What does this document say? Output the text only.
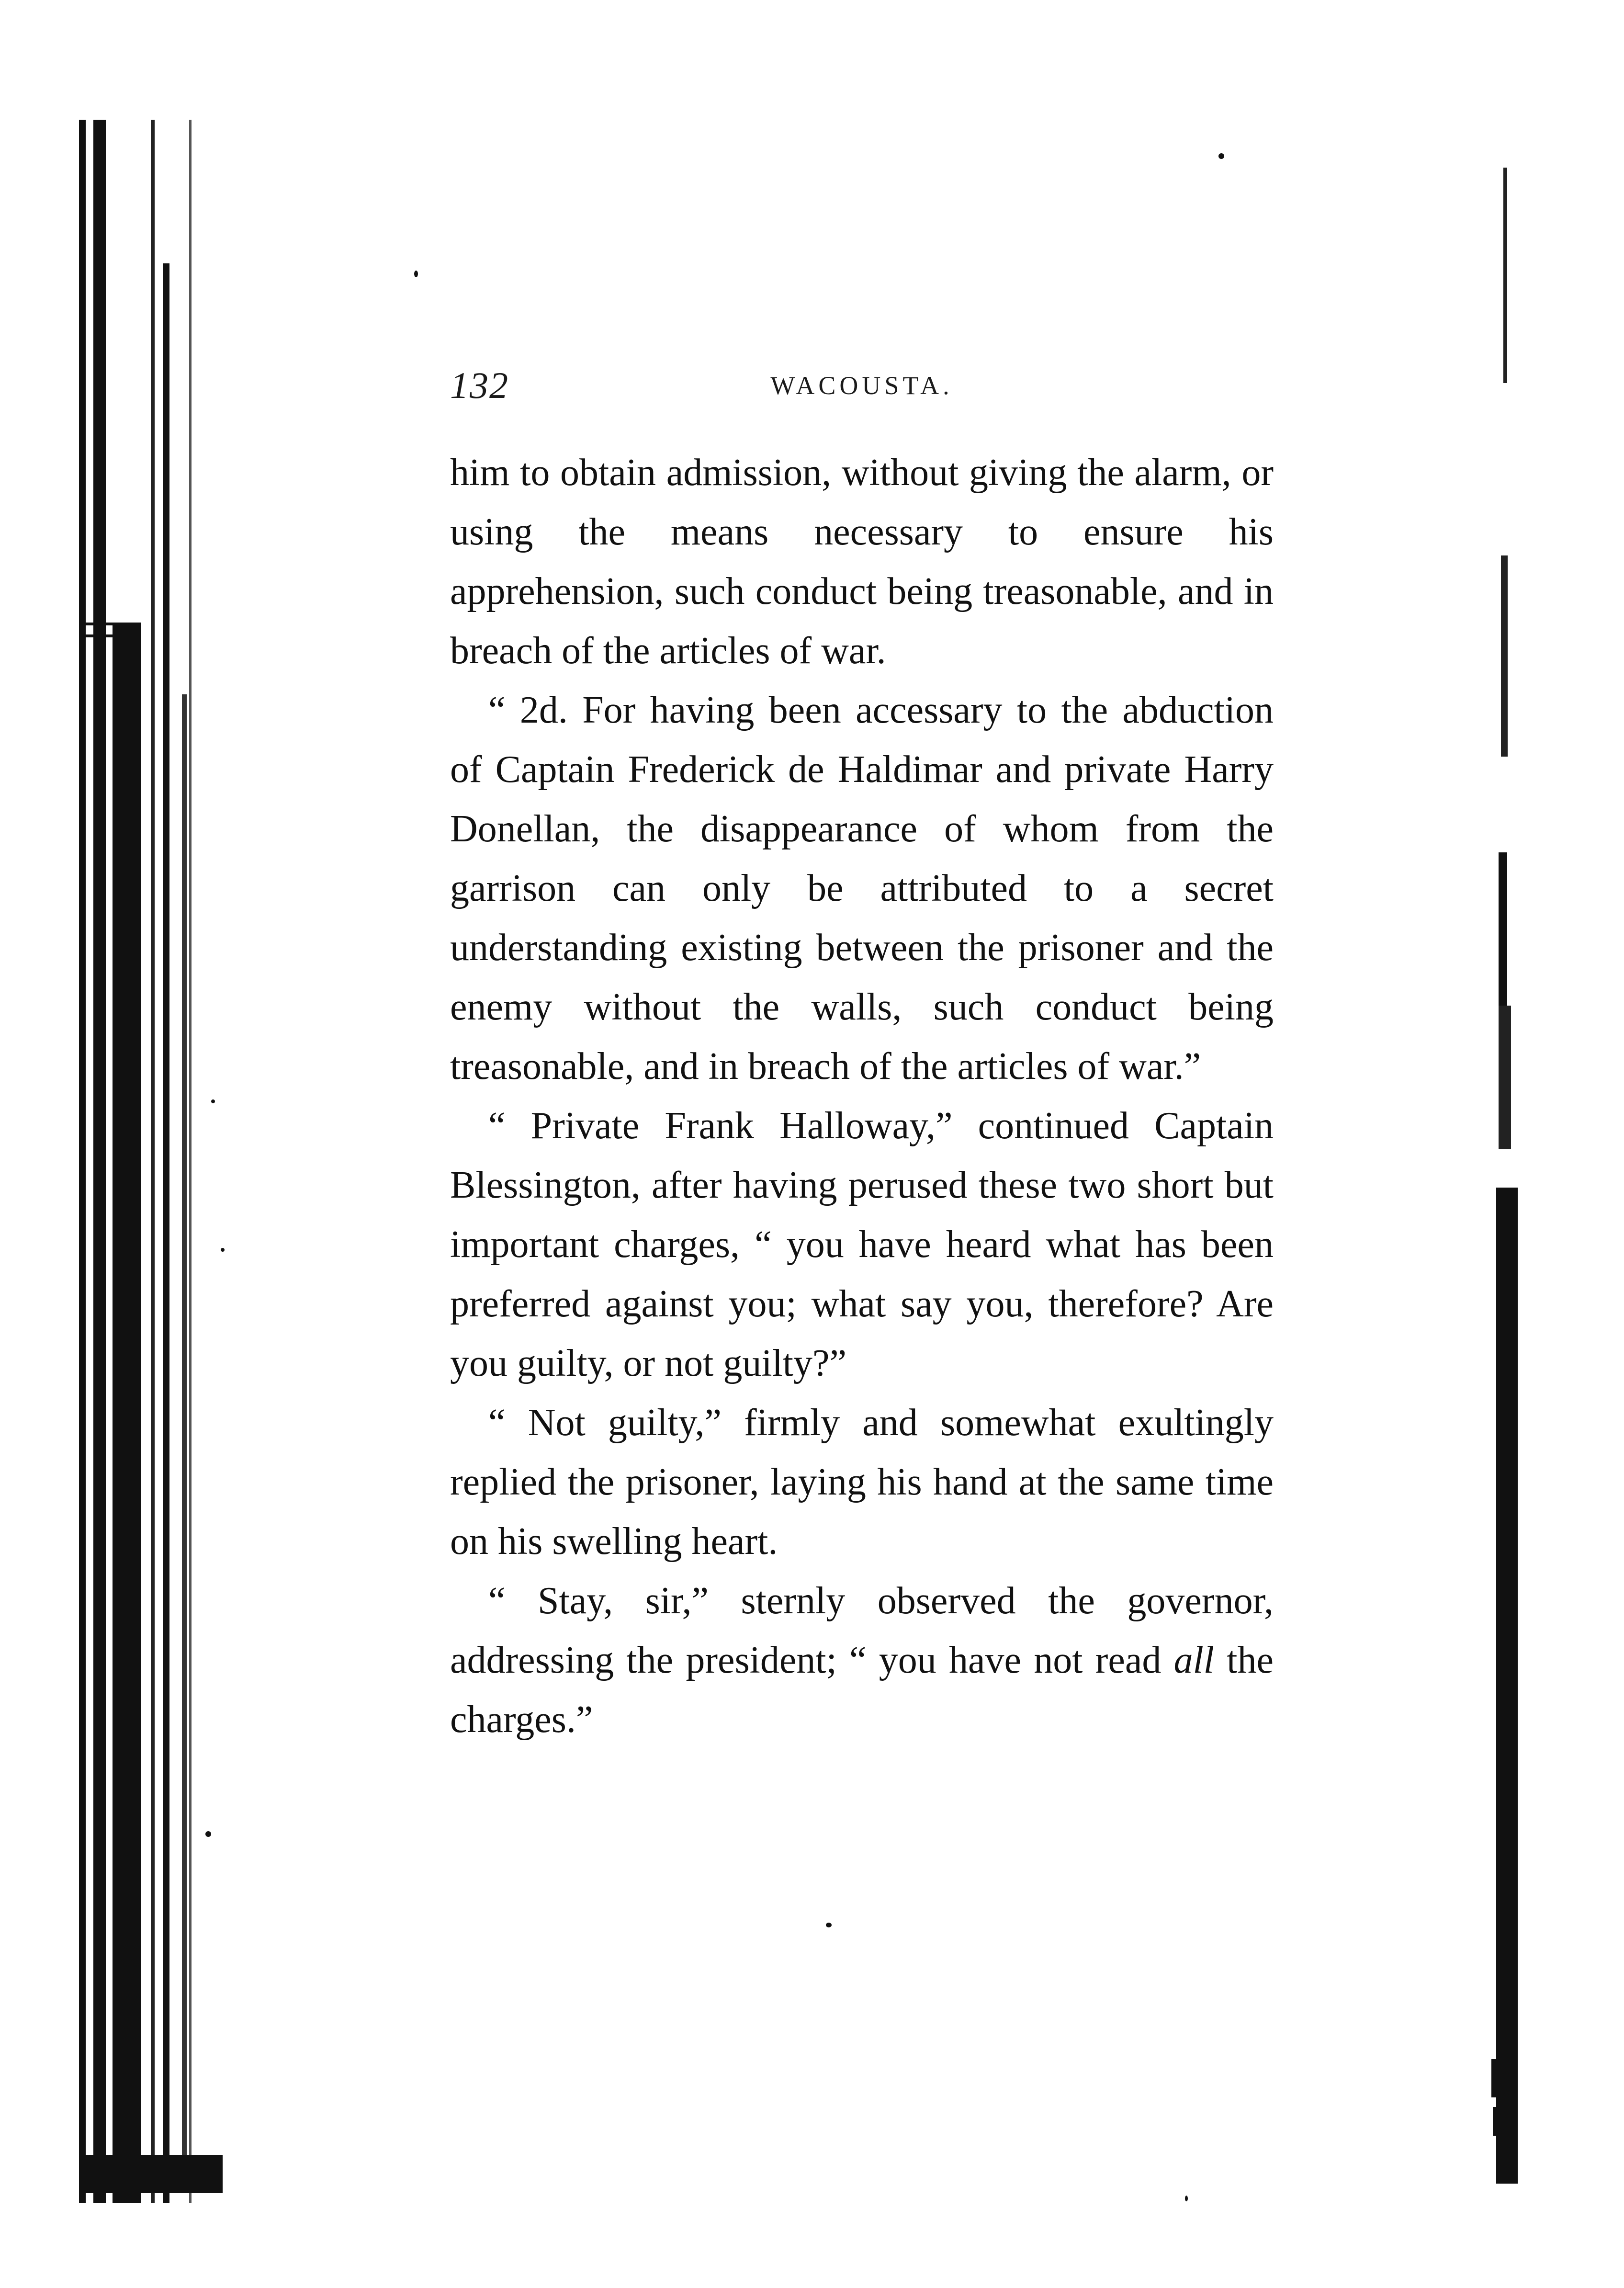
132	WACOUSTA.

him to obtain admission, without giving the alarm, or using the means necessary to ensure his apprehension, such conduct being treasonable, and in breach of the articles of war.

“ 2d. For having been accessary to the abduction of Captain Frederick de Haldimar and private Harry Donellan, the disappearance of whom from the garrison can only be attributed to a secret understanding existing between the prisoner and the enemy without the walls, such conduct being treasonable, and in breach of the articles of war.”

“ Private Frank Halloway,” continued Captain Blessington, after having perused these two short but important charges, “ you have heard what has been preferred against you; what say you, therefore? Are you guilty, or not guilty?”

“ Not guilty,” firmly and somewhat exultingly replied the prisoner, laying his hand at the same time on his swelling heart.

“ Stay, sir,” sternly observed the governor, addressing the president; “ you have not read all the charges.”
